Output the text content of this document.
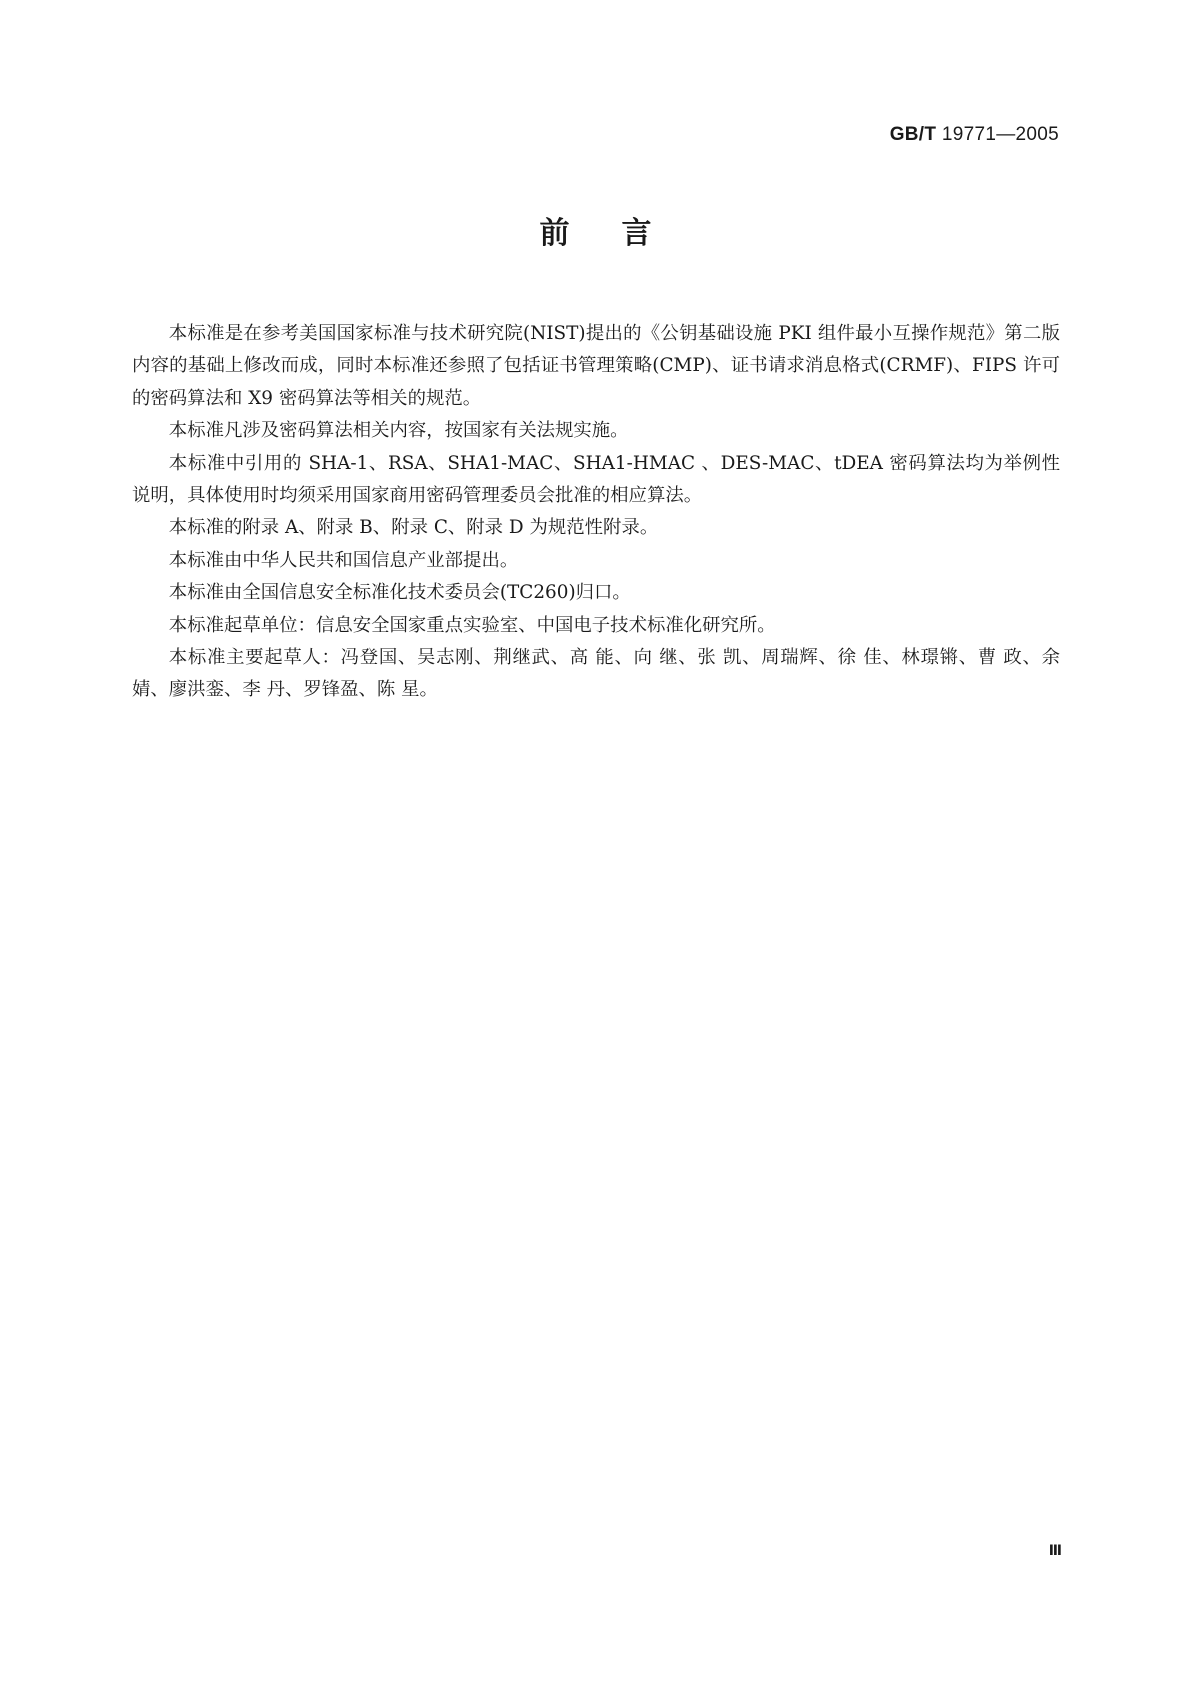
GB/T 19771—2005
前言

本标准是在参考美国国家标准与技术研究院(NIST)提出的《公钥基础设施 PKI 组件最小互操作规范》第二版内容的基础上修改而成，同时本标准还参照了包括证书管理策略(CMP)、证书请求消息格式(CRMF)、FIPS 许可的密码算法和 X9 密码算法等相关的规范。

本标准凡涉及密码算法相关内容，按国家有关法规实施。

本标准中引用的 SHA-1、RSA、SHA1-MAC、SHA1-HMAC 、DES-MAC、tDEA 密码算法均为举例性说明，具体使用时均须采用国家商用密码管理委员会批准的相应算法。

本标准的附录 A、附录 B、附录 C、附录 D 为规范性附录。

本标准由中华人民共和国信息产业部提出。

本标准由全国信息安全标准化技术委员会(TC260)归口。

本标准起草单位：信息安全国家重点实验室、中国电子技术标准化研究所。

本标准主要起草人：冯登国、吴志刚、荆继武、高 能、向 继、张 凯、周瑞辉、徐 佳、林璟锵、曹 政、余婧、廖洪銮、李 丹、罗锋盈、陈 星。

Ⅲ
